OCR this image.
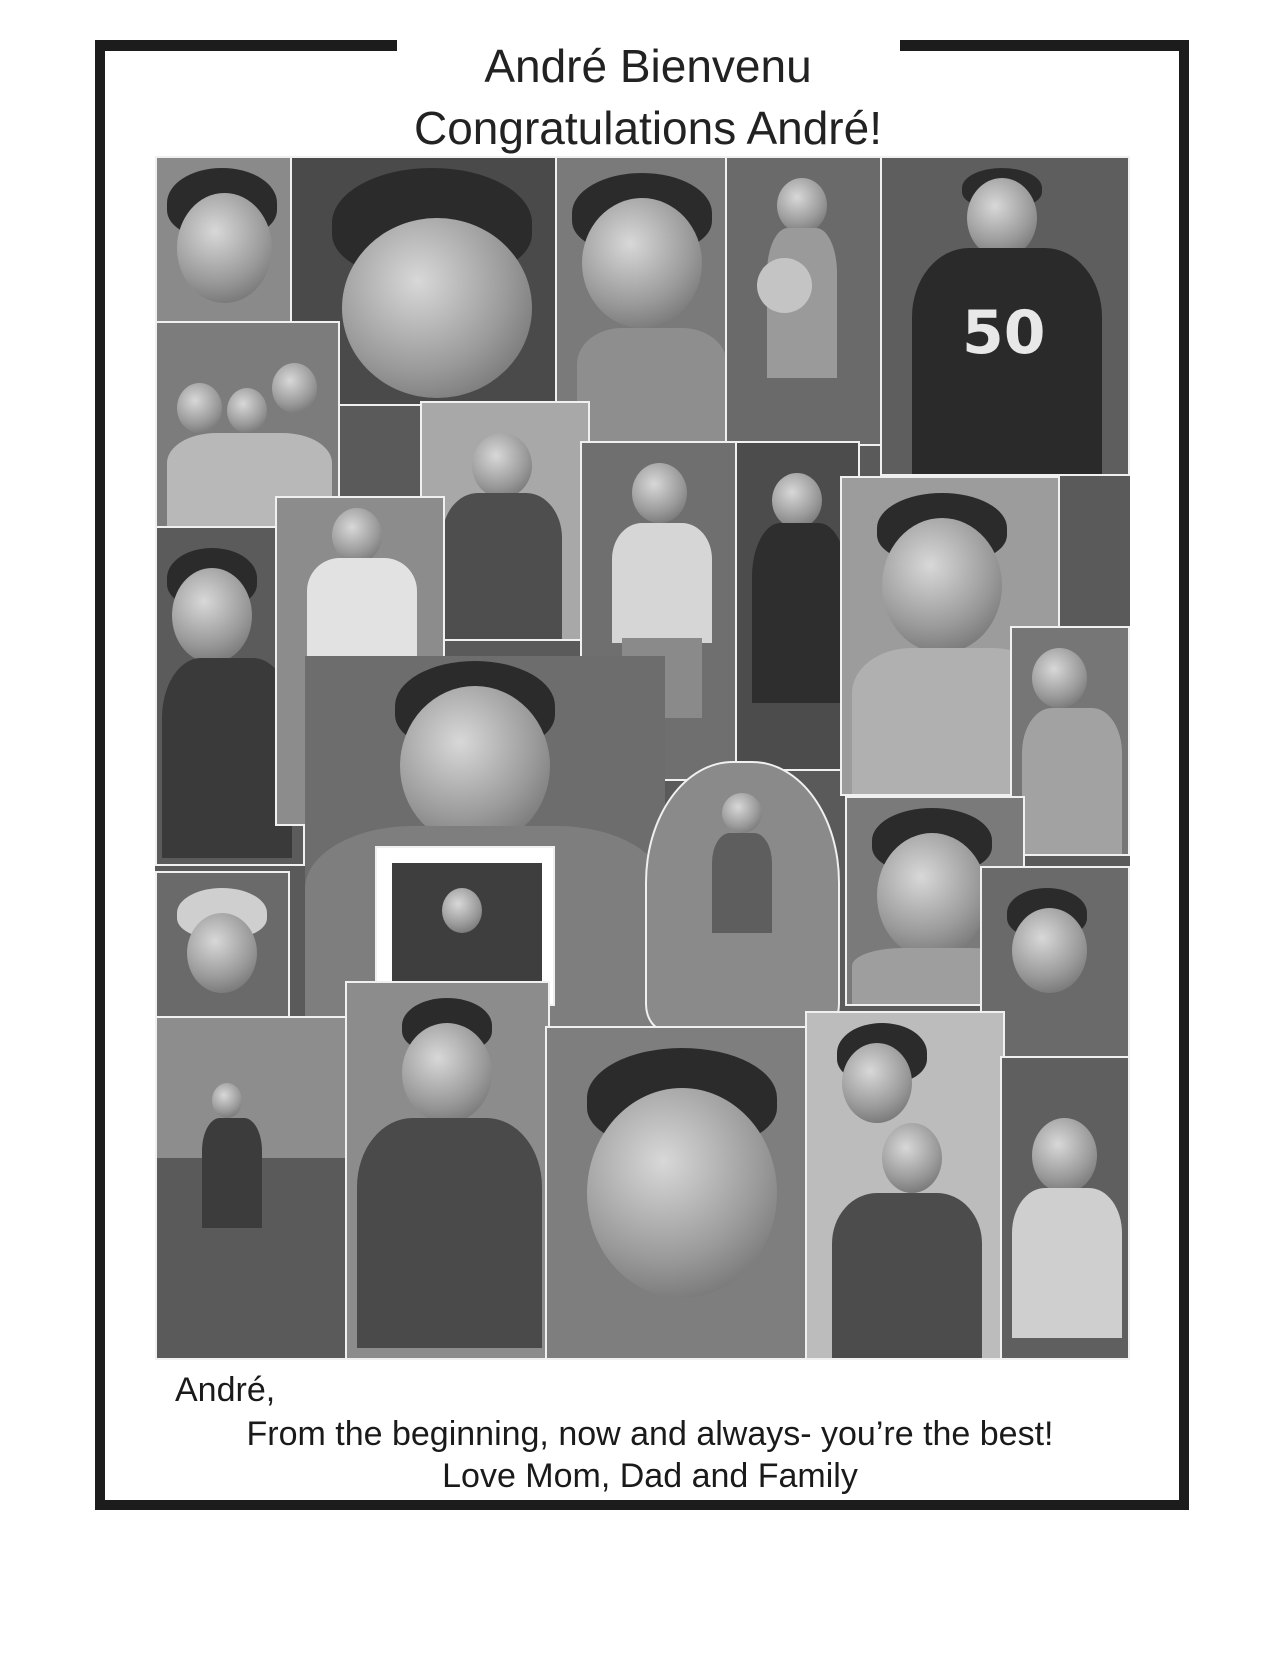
André Bienvenu
Congratulations André!
50

André,

From the beginning, now and always- you’re the best!

Love Mom, Dad and Family
